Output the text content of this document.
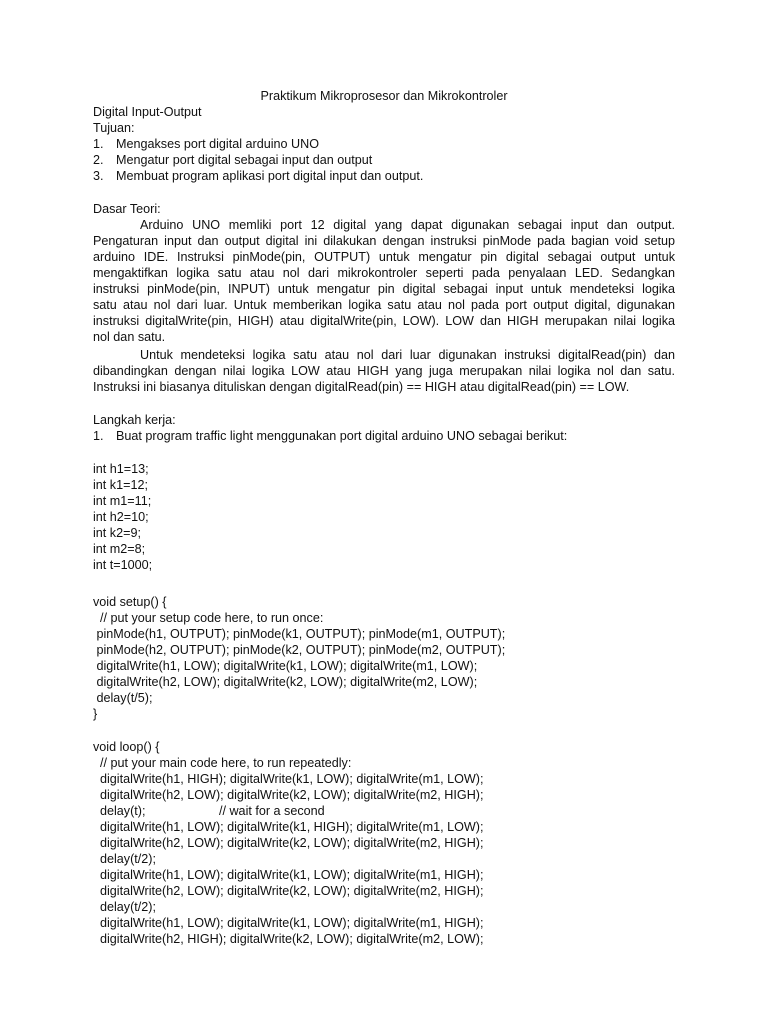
Praktikum Mikroprosesor dan Mikrokontroler
Digital Input-Output
Tujuan:
1. Mengakses port digital arduino UNO
2. Mengatur port digital sebagai input dan output
3. Membuat program aplikasi port digital input dan output.
Dasar Teori:
Arduino UNO memliki port 12 digital yang dapat digunakan sebagai input dan output.
Pengaturan input dan output digital ini dilakukan dengan instruksi pinMode pada bagian void setup
arduino IDE. Instruksi pinMode(pin, OUTPUT) untuk mengatur pin digital sebagai output untuk
mengaktifkan logika satu atau nol dari mikrokontroler seperti pada penyalaan LED. Sedangkan
instruksi pinMode(pin, INPUT) untuk mengatur pin digital sebagai input untuk mendeteksi logika
satu atau nol dari luar. Untuk memberikan logika satu atau nol pada port output digital, digunakan
instruksi digitalWrite(pin, HIGH) atau digitalWrite(pin, LOW). LOW dan HIGH merupakan nilai logika
nol dan satu.
Untuk mendeteksi logika satu atau nol dari luar digunakan instruksi digitalRead(pin) dan
dibandingkan dengan nilai logika LOW atau HIGH yang juga merupakan nilai logika nol dan satu.
Instruksi ini biasanya dituliskan dengan digitalRead(pin) == HIGH atau digitalRead(pin) == LOW.
Langkah kerja:
1. Buat program traffic light menggunakan port digital arduino UNO sebagai berikut:
int h1=13;
int k1=12;
int m1=11;
int h2=10;
int k2=9;
int m2=8;
int t=1000;
void setup() {
// put your setup code here, to run once:
pinMode(h1, OUTPUT); pinMode(k1, OUTPUT); pinMode(m1, OUTPUT);
pinMode(h2, OUTPUT); pinMode(k2, OUTPUT); pinMode(m2, OUTPUT);
digitalWrite(h1, LOW); digitalWrite(k1, LOW); digitalWrite(m1, LOW);
digitalWrite(h2, LOW); digitalWrite(k2, LOW); digitalWrite(m2, LOW);
delay(t/5);
}
void loop() {
// put your main code here, to run repeatedly:
digitalWrite(h1, HIGH); digitalWrite(k1, LOW); digitalWrite(m1, LOW);
digitalWrite(h2, LOW); digitalWrite(k2, LOW); digitalWrite(m2, HIGH);
delay(t);                     // wait for a second
digitalWrite(h1, LOW); digitalWrite(k1, HIGH); digitalWrite(m1, LOW);
digitalWrite(h2, LOW); digitalWrite(k2, LOW); digitalWrite(m2, HIGH);
delay(t/2);
digitalWrite(h1, LOW); digitalWrite(k1, LOW); digitalWrite(m1, HIGH);
digitalWrite(h2, LOW); digitalWrite(k2, LOW); digitalWrite(m2, HIGH);
delay(t/2);
digitalWrite(h1, LOW); digitalWrite(k1, LOW); digitalWrite(m1, HIGH);
digitalWrite(h2, HIGH); digitalWrite(k2, LOW); digitalWrite(m2, LOW);
